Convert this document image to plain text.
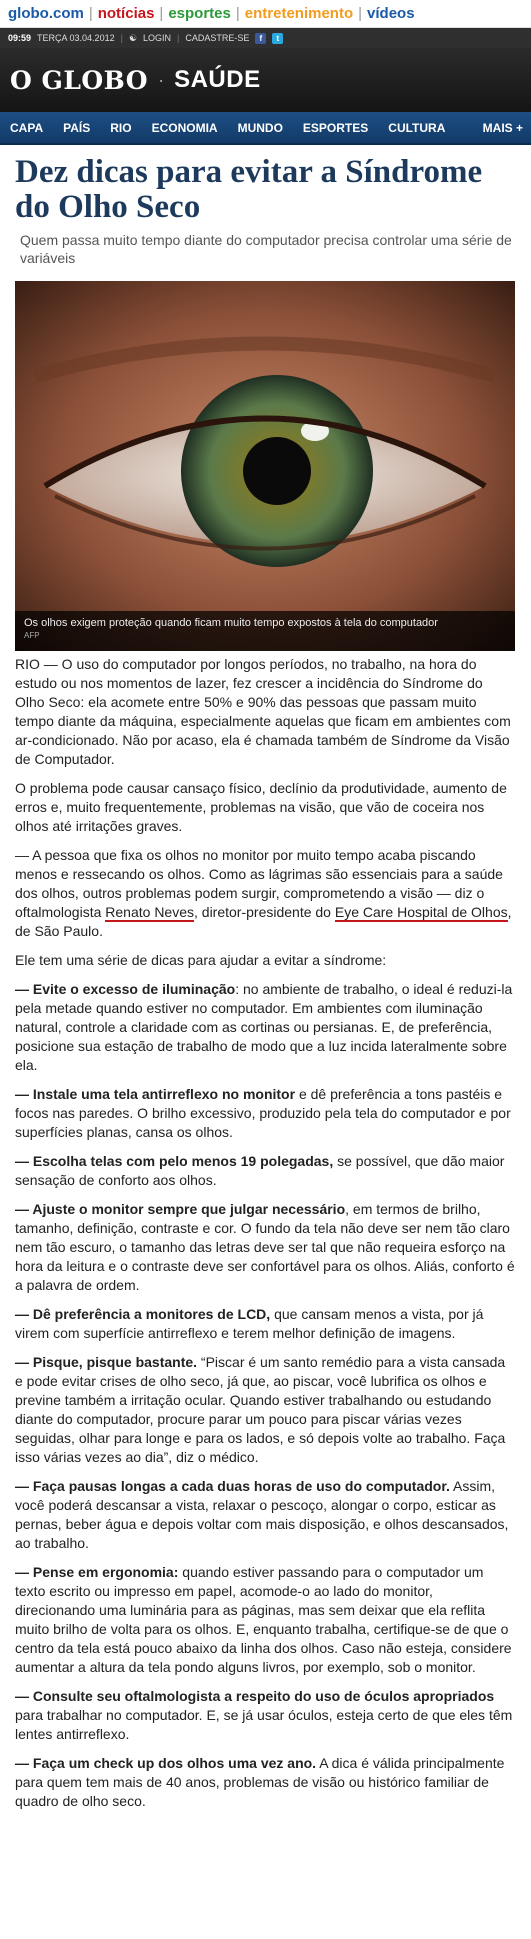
globo.com | notícias | esportes | entretenimento | vídeos
09:59 TERÇA 03.04.2012 | ☯ LOGIN | CADASTRE-SE	f	t
O GLOBO · SAÚDE
CAPA PAÍS RIO ECONOMIA MUNDO ESPORTES CULTURA	MAIS +
Dez dicas para evitar a Síndrome do Olho Seco
Quem passa muito tempo diante do computador precisa controlar uma série de variáveis
Os olhos exigem proteção quando ficam muito tempo expostos à tela do computador
AFP

RIO — O uso do computador por longos períodos, no trabalho, na hora do estudo ou nos momentos de lazer, fez crescer a incidência do Síndrome do Olho Seco: ela acomete entre 50% e 90% das pessoas que passam muito tempo diante da máquina, especialmente aquelas que ficam em ambientes com ar-condicionado. Não por acaso, ela é chamada também de Síndrome da Visão de Computador.

O problema pode causar cansaço físico, declínio da produtividade, aumento de erros e, muito frequentemente, problemas na visão, que vão de coceira nos olhos até irritações graves.

— A pessoa que fixa os olhos no monitor por muito tempo acaba piscando menos e ressecando os olhos. Como as lágrimas são essenciais para a saúde dos olhos, outros problemas podem surgir, comprometendo a visão — diz o oftalmologista Renato Neves, diretor-presidente do Eye Care Hospital de Olhos, de São Paulo.

Ele tem uma série de dicas para ajudar a evitar a síndrome:

— Evite o excesso de iluminação: no ambiente de trabalho, o ideal é reduzi-la pela metade quando estiver no computador. Em ambientes com iluminação natural, controle a claridade com as cortinas ou persianas. E, de preferência, posicione sua estação de trabalho de modo que a luz incida lateralmente sobre ela.

— Instale uma tela antirreflexo no monitor e dê preferência a tons pastéis e focos nas paredes. O brilho excessivo, produzido pela tela do computador e por superfícies planas, cansa os olhos.

— Escolha telas com pelo menos 19 polegadas, se possível, que dão maior sensação de conforto aos olhos.

— Ajuste o monitor sempre que julgar necessário, em termos de brilho, tamanho, definição, contraste e cor. O fundo da tela não deve ser nem tão claro nem tão escuro, o tamanho das letras deve ser tal que não requeira esforço na hora da leitura e o contraste deve ser confortável para os olhos. Aliás, conforto é a palavra de ordem.

— Dê preferência a monitores de LCD, que cansam menos a vista, por já virem com superfície antirreflexo e terem melhor definição de imagens.

— Pisque, pisque bastante. “Piscar é um santo remédio para a vista cansada e pode evitar crises de olho seco, já que, ao piscar, você lubrifica os olhos e previne também a irritação ocular. Quando estiver trabalhando ou estudando diante do computador, procure parar um pouco para piscar várias vezes seguidas, olhar para longe e para os lados, e só depois volte ao trabalho. Faça isso várias vezes ao dia”, diz o médico.

— Faça pausas longas a cada duas horas de uso do computador. Assim, você poderá descansar a vista, relaxar o pescoço, alongar o corpo, esticar as pernas, beber água e depois voltar com mais disposição, e olhos descansados, ao trabalho.

— Pense em ergonomia: quando estiver passando para o computador um texto escrito ou impresso em papel, acomode-o ao lado do monitor, direcionando uma luminária para as páginas, mas sem deixar que ela reflita muito brilho de volta para os olhos. E, enquanto trabalha, certifique-se de que o centro da tela está pouco abaixo da linha dos olhos. Caso não esteja, considere aumentar a altura da tela pondo alguns livros, por exemplo, sob o monitor.

— Consulte seu oftalmologista a respeito do uso de óculos apropriados para trabalhar no computador. E, se já usar óculos, esteja certo de que eles têm lentes antirreflexo.

— Faça um check up dos olhos uma vez ano. A dica é válida principalmente para quem tem mais de 40 anos, problemas de visão ou histórico familiar de quadro de olho seco.
